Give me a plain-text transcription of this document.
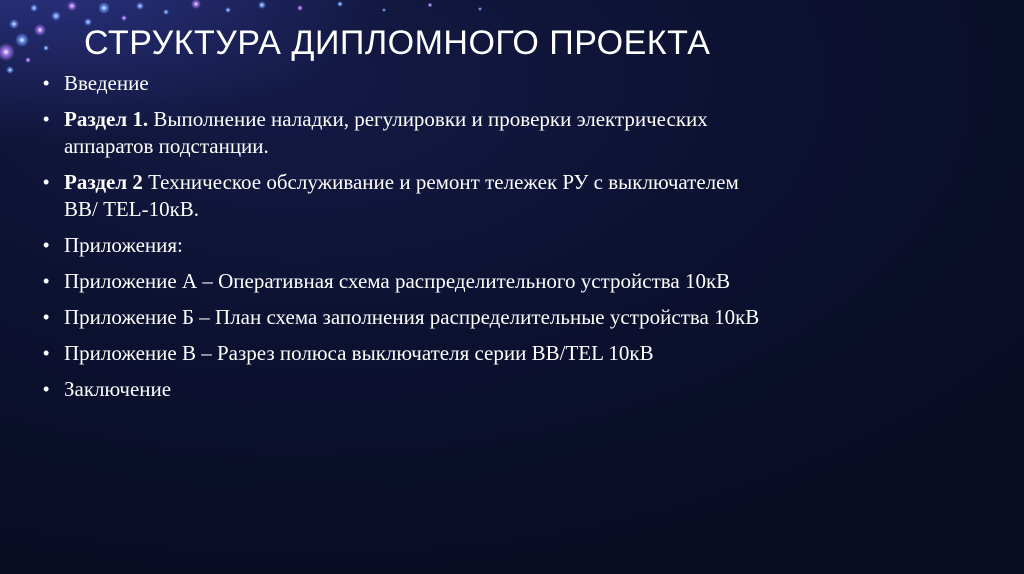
СТРУКТУРА ДИПЛОМНОГО ПРОЕКТА
• Введение
• Раздел 1. Выполнение наладки, регулировки и проверки электрических аппаратов подстанции.
• Раздел 2 Техническое обслуживание и ремонт тележек РУ с выключателем ВВ/ TEL-10кВ.
• Приложения:
• Приложение А – Оперативная схема распределительного устройства 10кВ
• Приложение Б – План схема заполнения распределительные устройства 10кВ
• Приложение В – Разрез полюса выключателя серии ВВ/TEL 10кВ
• Заключение
